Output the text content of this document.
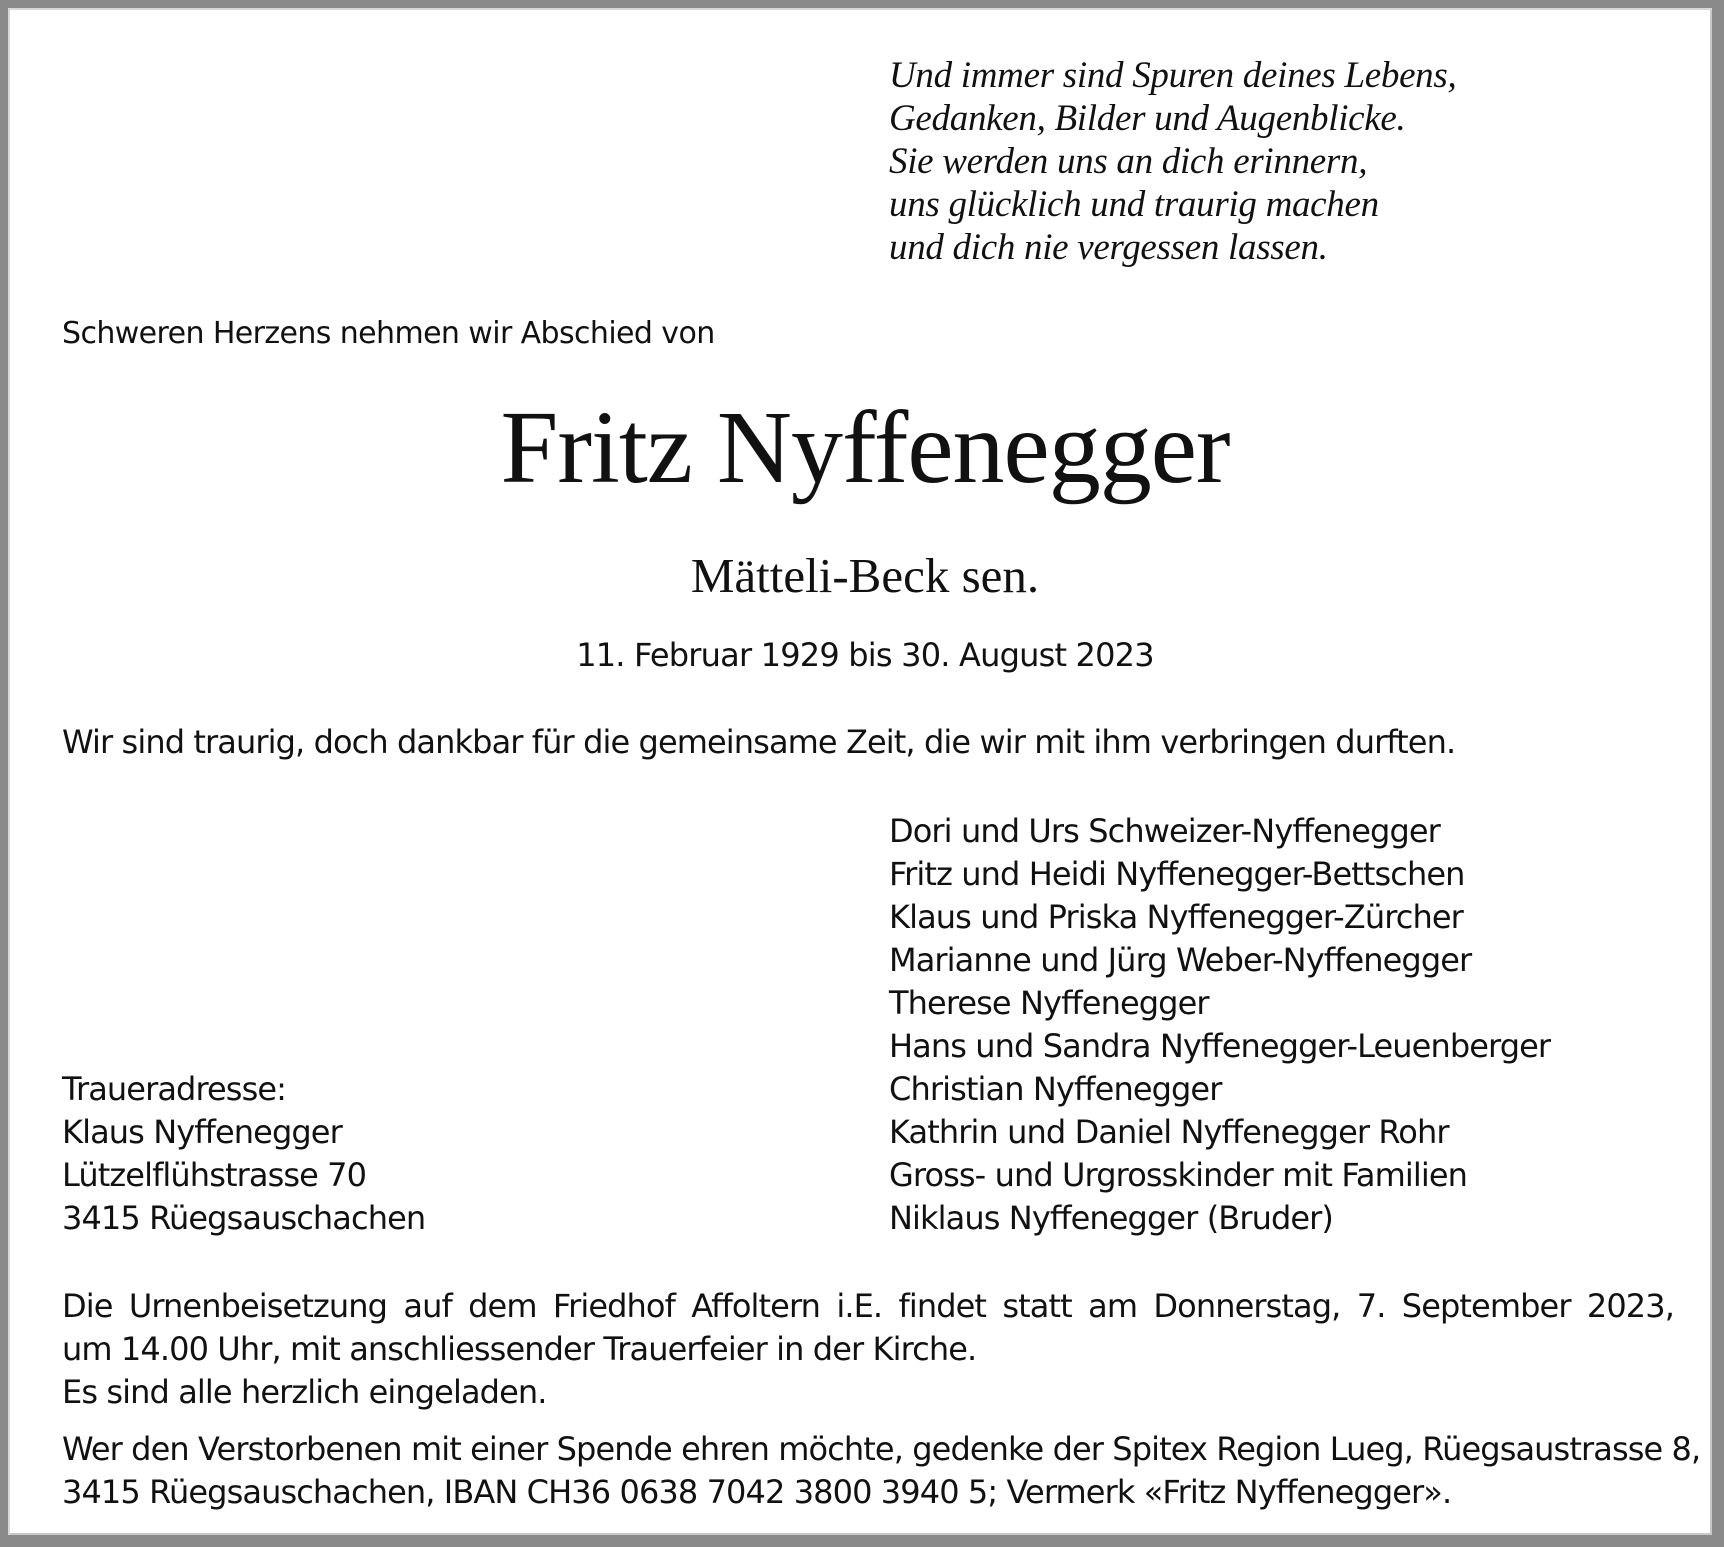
Und immer sind Spuren deines Lebens,
Gedanken, Bilder und Augenblicke.
Sie werden uns an dich erinnern,
uns glücklich und traurig machen
und dich nie vergessen lassen.
Schweren Herzens nehmen wir Abschied von
Fritz Nyffenegger
Mätteli-Beck sen.
11. Februar 1929 bis 30. August 2023
Wir sind traurig, doch dankbar für die gemeinsame Zeit, die wir mit ihm verbringen durften.
Dori und Urs Schweizer-Nyffenegger
Fritz und Heidi Nyffenegger-Bettschen
Klaus und Priska Nyffenegger-Zürcher
Marianne und Jürg Weber-Nyffenegger
Therese Nyffenegger
Hans und Sandra Nyffenegger-Leuenberger
Christian Nyffenegger
Kathrin und Daniel Nyffenegger Rohr
Gross- und Urgrosskinder mit Familien
Niklaus Nyffenegger (Bruder)
Traueradresse:
Klaus Nyffenegger
Lützelflühstrasse 70
3415 Rüegsauschachen
Die Urnenbeisetzung auf dem Friedhof Affoltern i.E. findet statt am Donnerstag, 7. September 2023,
um 14.00 Uhr, mit anschliessender Trauerfeier in der Kirche.
Es sind alle herzlich eingeladen.
Wer den Verstorbenen mit einer Spende ehren möchte, gedenke der Spitex Region Lueg, Rüegsaustrasse 8,
3415 Rüegsauschachen, IBAN CH36 0638 7042 3800 3940 5; Vermerk «Fritz Nyffenegger».
